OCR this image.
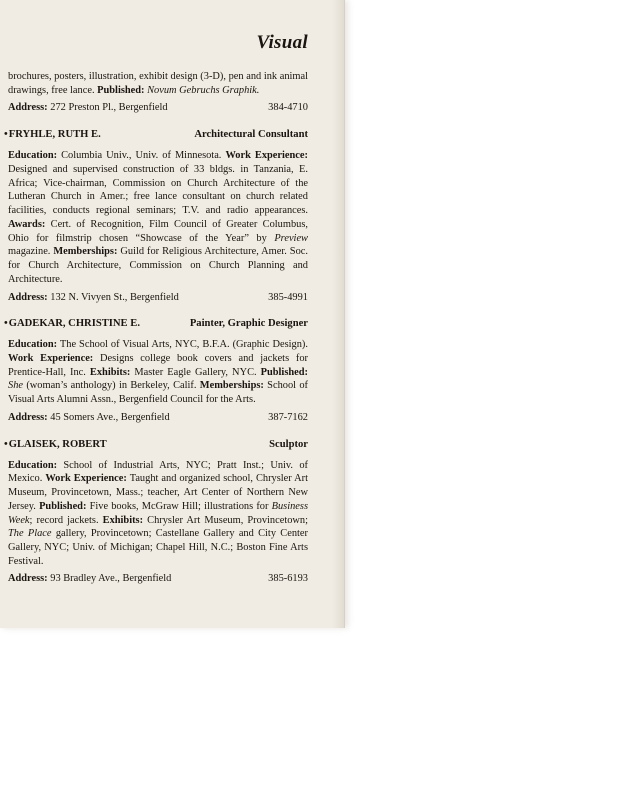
Visual

brochures, posters, illustration, exhibit design (3-D), pen and ink animal drawings, free lance. Published: Novum Gebruchs Graphik.

Address: 272 Preston Pl., Bergenfield	384-4710
• FRYHLE, RUTH E.	Architectural Consultant

Education: Columbia Univ., Univ. of Minnesota. Work Experience: Designed and supervised construction of 33 bldgs. in Tanzania, E. Africa; Vice-chairman, Commission on Church Architecture of the Lutheran Church in Amer.; free lance consultant on church related facilities, conducts regional seminars; T.V. and radio appearances. Awards: Cert. of Recognition, Film Council of Greater Columbus, Ohio for filmstrip chosen “Showcase of the Year” by Preview magazine. Memberships: Guild for Religious Architecture, Amer. Soc. for Church Architecture, Commission on Church Planning and Architecture.

Address: 132 N. Vivyen St., Bergenfield	385-4991
• GADEKAR, CHRISTINE E.	Painter, Graphic Designer

Education: The School of Visual Arts, NYC, B.F.A. (Graphic Design). Work Experience: Designs college book covers and jackets for Prentice-Hall, Inc. Exhibits: Master Eagle Gallery, NYC. Published: She (woman’s anthology) in Berkeley, Calif. Memberships: School of Visual Arts Alumni Assn., Bergenfield Council for the Arts.

Address: 45 Somers Ave., Bergenfield	387-7162
• GLAISEK, ROBERT	Sculptor

Education: School of Industrial Arts, NYC; Pratt Inst.; Univ. of Mexico. Work Experience: Taught and organized school, Chrysler Art Museum, Provincetown, Mass.; teacher, Art Center of Northern New Jersey. Published: Five books, McGraw Hill; illustrations for Business Week; record jackets. Exhibits: Chrysler Art Museum, Provincetown; The Place gallery, Provincetown; Castellane Gallery and City Center Gallery, NYC; Univ. of Michigan; Chapel Hill, N.C.; Boston Fine Arts Festival.

Address: 93 Bradley Ave., Bergenfield	385-6193
